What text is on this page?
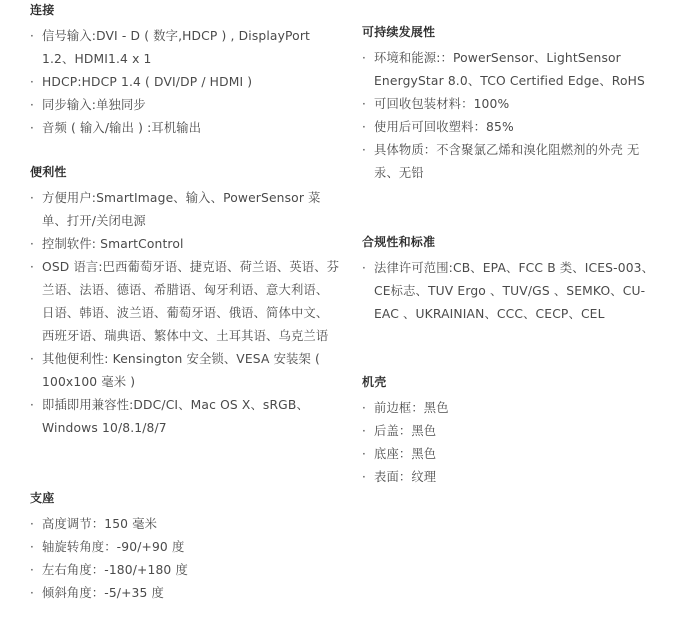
连接
· 信号输入:DVI - D ( 数字,HDCP ) , DisplayPort 1.2、HDMI1.4 x 1
· HDCP:HDCP 1.4 ( DVI/DP / HDMI )
· 同步输入:单独同步
· 音频 ( 输入/输出 ) :耳机输出
便利性
· 方便用户:SmartImage、输入、PowerSensor 菜单、打开/关闭电源
· 控制软件: SmartControl
· OSD 语言:巴西葡萄牙语、捷克语、荷兰语、英语、芬兰语、法语、德语、希腊语、匈牙利语、意大利语、日语、韩语、波兰语、葡萄牙语、俄语、简体中文、西班牙语、瑞典语、繁体中文、土耳其语、乌克兰语
· 其他便利性: Kensington 安全锁、VESA 安装架 ( 100x100 毫米 )
· 即插即用兼容性:DDC/CI、Mac OS X、sRGB、Windows 10/8.1/8/7
支座
· 高度调节：150 毫米
· 轴旋转角度：-90/+90 度
· 左右角度：-180/+180 度
· 倾斜角度：-5/+35 度
可持续发展性
· 环境和能源:：PowerSensor、LightSensor EnergyStar 8.0、TCO Certified Edge、RoHS
· 可回收包装材料：100%
· 使用后可回收塑料：85%
· 具体物质：不含聚氯乙烯和溴化阻燃剂的外壳 无汞、无铅
合规性和标准
· 法律许可范围:CB、EPA、FCC B 类、ICES-003、CE标志、TUV Ergo 、TUV/GS 、SEMKO、CU-EAC 、UKRAINIAN、CCC、CECP、CEL
机壳
· 前边框：黑色
· 后盖：黑色
· 底座：黑色
· 表面：纹理
